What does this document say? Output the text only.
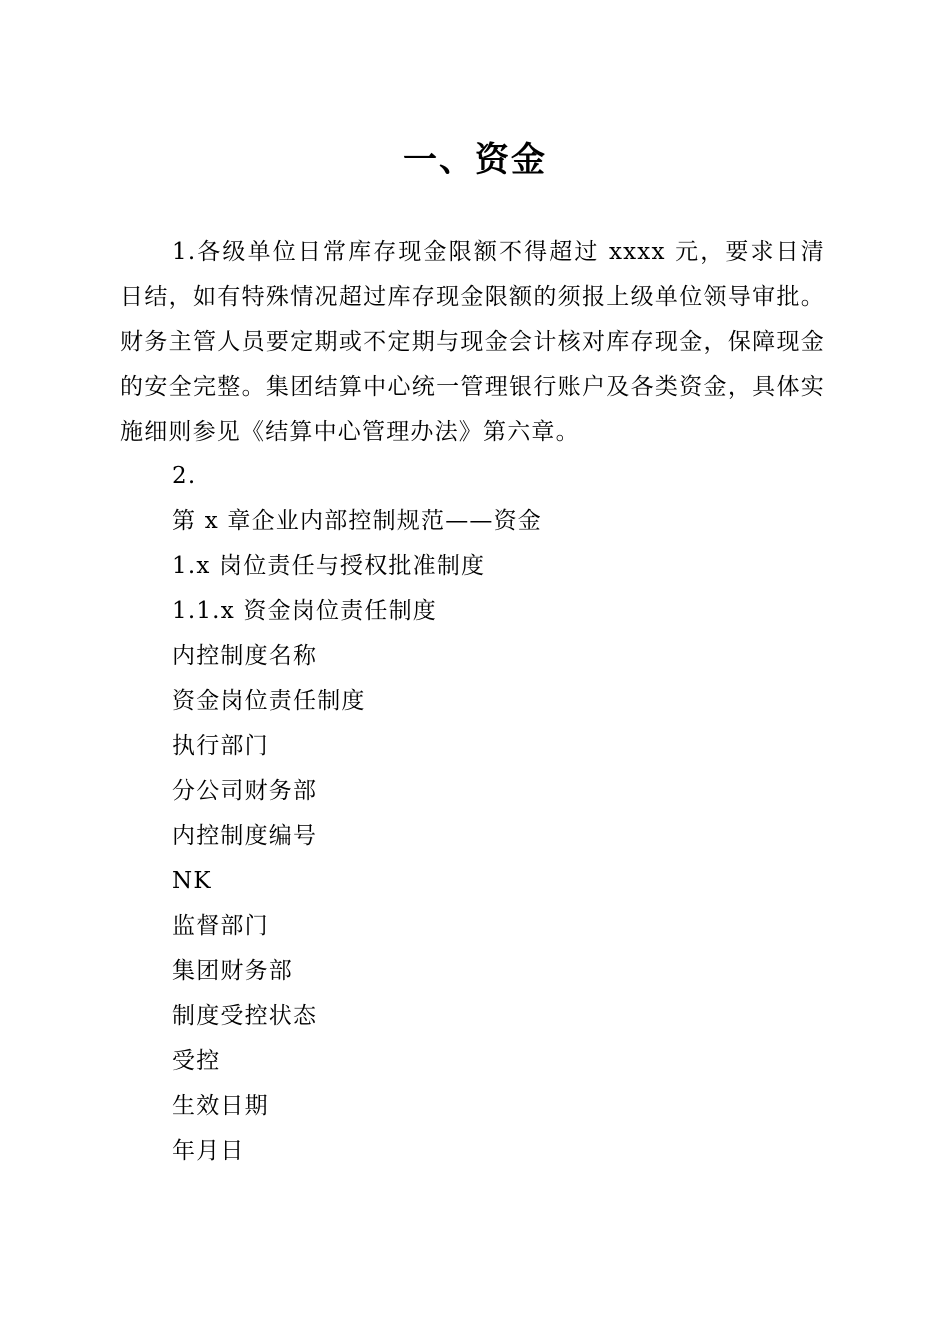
一、资金
1.各级单位日常库存现金限额不得超过 xxxx 元，要求日清日结，如有特殊情况超过库存现金限额的须报上级单位领导审批。财务主管人员要定期或不定期与现金会计核对库存现金，保障现金的安全完整。集团结算中心统一管理银行账户及各类资金，具体实施细则参见《结算中心管理办法》第六章。
2.
第 x 章企业内部控制规范——资金
1.x 岗位责任与授权批准制度
1.1.x 资金岗位责任制度
内控制度名称
资金岗位责任制度
执行部门
分公司财务部
内控制度编号
NK
监督部门
集团财务部
制度受控状态
受控
生效日期
年月日
